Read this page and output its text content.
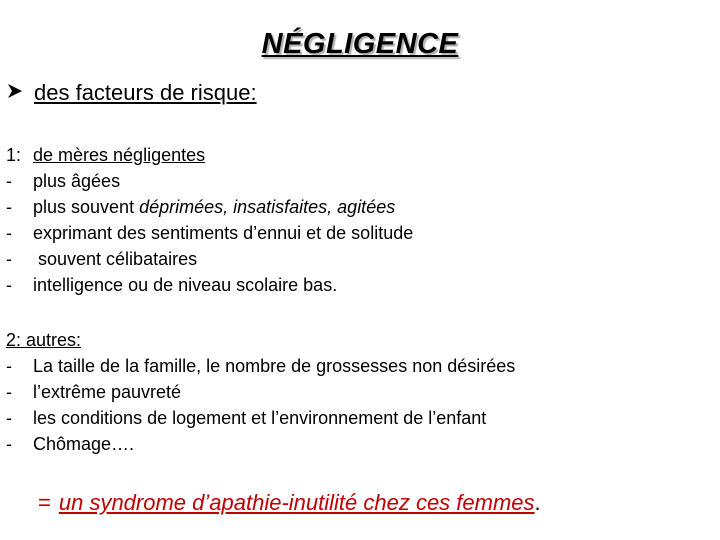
NÉGLIGENCE
des facteurs de risque:
1: de mères négligentes
-	plus âgées
-	plus souvent déprimées, insatisfaites, agitées
-	exprimant des sentiments d’ennui et de solitude
-	souvent célibataires
-	intelligence ou de niveau scolaire bas.
2: autres:
-	La taille de la famille, le nombre de grossesses non désirées
-	l’extrême pauvreté
-	les conditions de logement et l’environnement de l’enfant
-	Chômage….
= un syndrome d’apathie-inutilité chez ces femmes.
